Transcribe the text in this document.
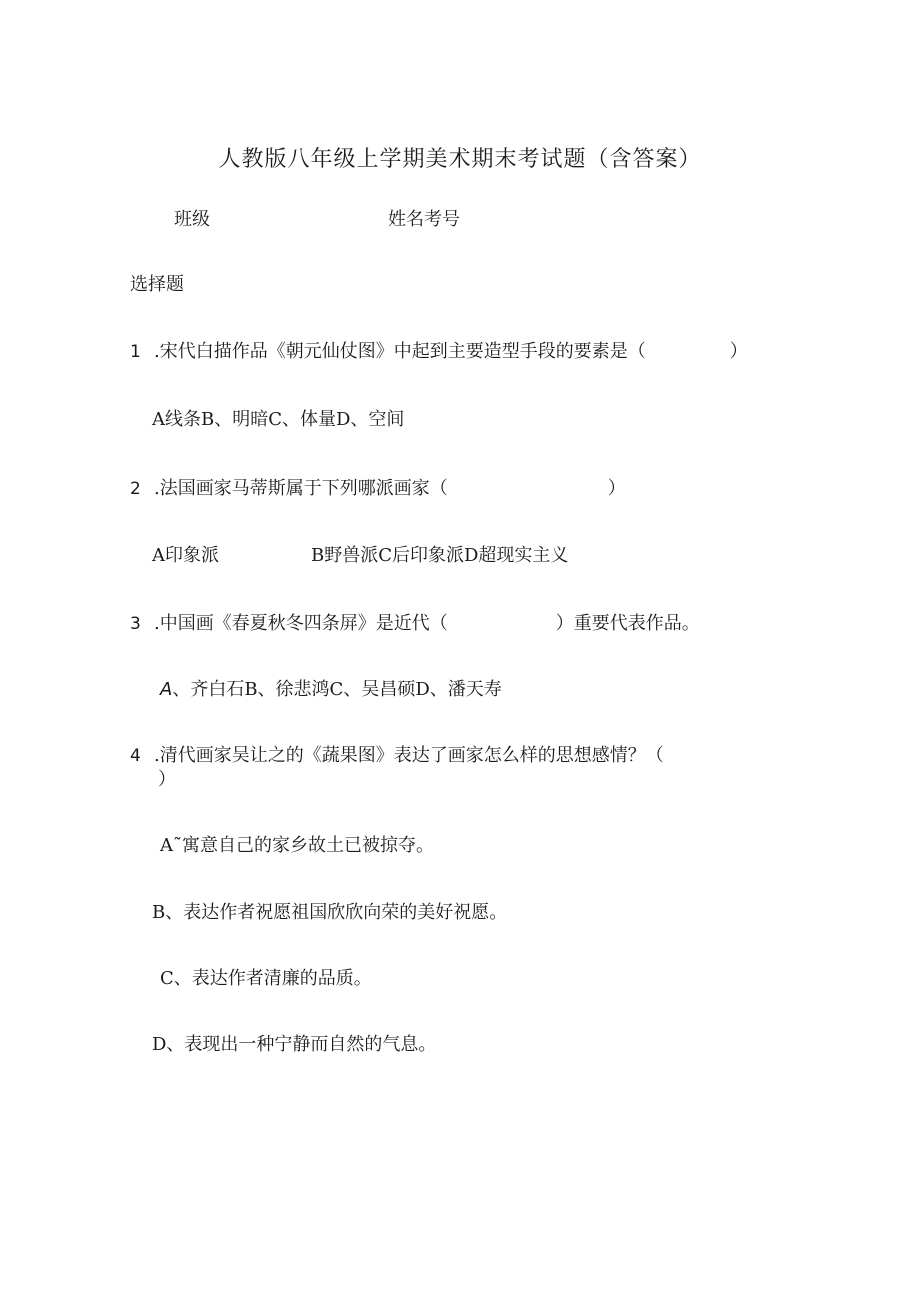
人教版八年级上学期美术期末考试题（含答案）
班级	姓名考号
选择题
1 .宋代白描作品《朝元仙仗图》中起到主要造型手段的要素是（	）
A线条B、明暗C、体量D、空间
2 .法国画家马蒂斯属于下列哪派画家（	）
A印象派	B野兽派C后印象派D超现实主义
3 .中国画《春夏秋冬四条屏》是近代（	）重要代表作品。
A、齐白石B、徐悲鸿C、吴昌硕D、潘天寿
4 .清代画家吴让之的《蔬果图》表达了画家怎么样的思想感情？（
）
A˜寓意自己的家乡故土已被掠夺。
B、表达作者祝愿祖国欣欣向荣的美好祝愿。
C、表达作者清廉的品质。
D、表现出一种宁静而自然的气息。
